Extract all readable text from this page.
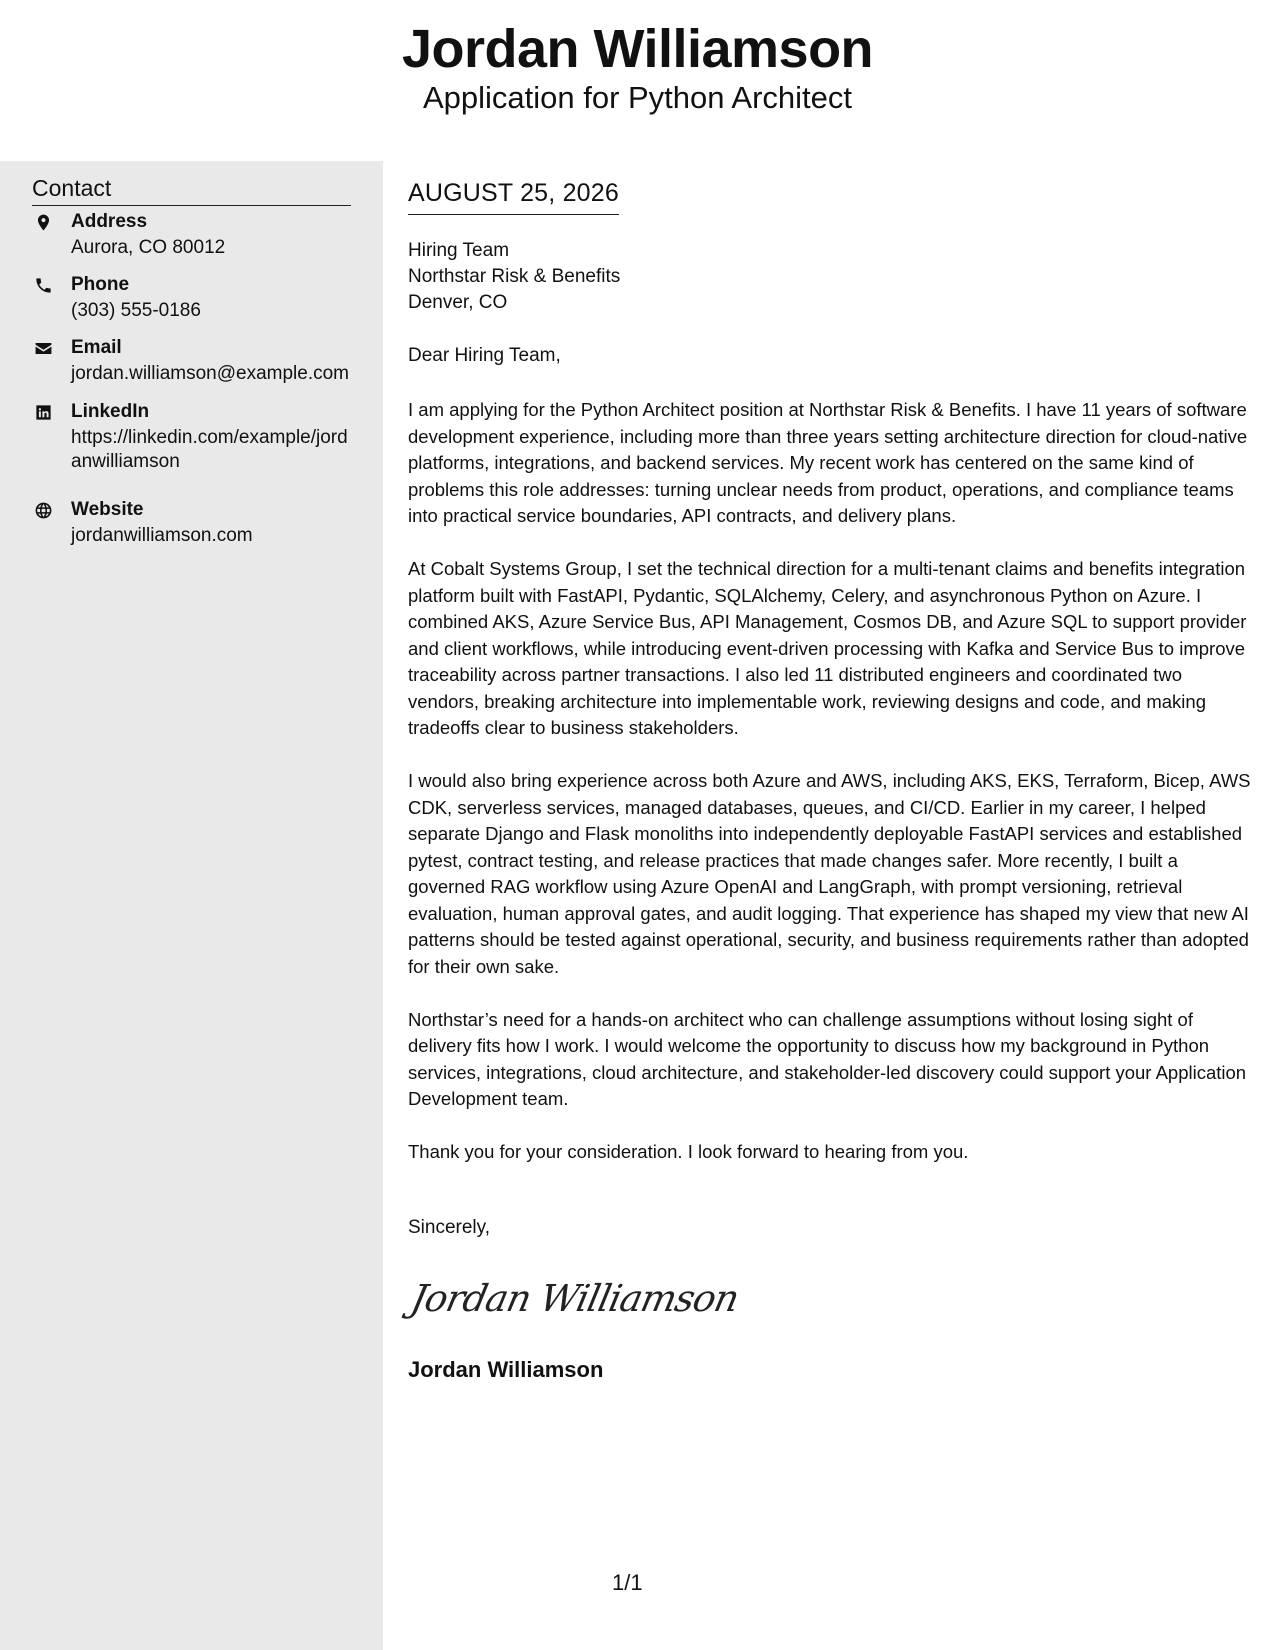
Jordan Williamson
Application for Python Architect
Contact
Address
Aurora, CO 80012
Phone
(303) 555-0186
Email
jordan.williamson@example.com
LinkedIn
https://linkedin.com/example/jordanwilliamson
Website
jordanwilliamson.com
AUGUST 25, 2026
Hiring Team
Northstar Risk & Benefits
Denver, CO
Dear Hiring Team,

I am applying for the Python Architect position at Northstar Risk & Benefits. I have 11 years of software development experience, including more than three years setting architecture direction for cloud-native platforms, integrations, and backend services. My recent work has centered on the same kind of problems this role addresses: turning unclear needs from product, operations, and compliance teams into practical service boundaries, API contracts, and delivery plans.

At Cobalt Systems Group, I set the technical direction for a multi-tenant claims and benefits integration platform built with FastAPI, Pydantic, SQLAlchemy, Celery, and asynchronous Python on Azure. I combined AKS, Azure Service Bus, API Management, Cosmos DB, and Azure SQL to support provider and client workflows, while introducing event-driven processing with Kafka and Service Bus to improve traceability across partner transactions. I also led 11 distributed engineers and coordinated two vendors, breaking architecture into implementable work, reviewing designs and code, and making tradeoffs clear to business stakeholders.

I would also bring experience across both Azure and AWS, including AKS, EKS, Terraform, Bicep, AWS CDK, serverless services, managed databases, queues, and CI/CD. Earlier in my career, I helped separate Django and Flask monoliths into independently deployable FastAPI services and established pytest, contract testing, and release practices that made changes safer. More recently, I built a governed RAG workflow using Azure OpenAI and LangGraph, with prompt versioning, retrieval evaluation, human approval gates, and audit logging. That experience has shaped my view that new AI patterns should be tested against operational, security, and business requirements rather than adopted for their own sake.

Northstar’s need for a hands-on architect who can challenge assumptions without losing sight of delivery fits how I work. I would welcome the opportunity to discuss how my background in Python services, integrations, cloud architecture, and stakeholder-led discovery could support your Application Development team.

Thank you for your consideration. I look forward to hearing from you.

Sincerely,
Jordan Williamson
Jordan Williamson
1/1
